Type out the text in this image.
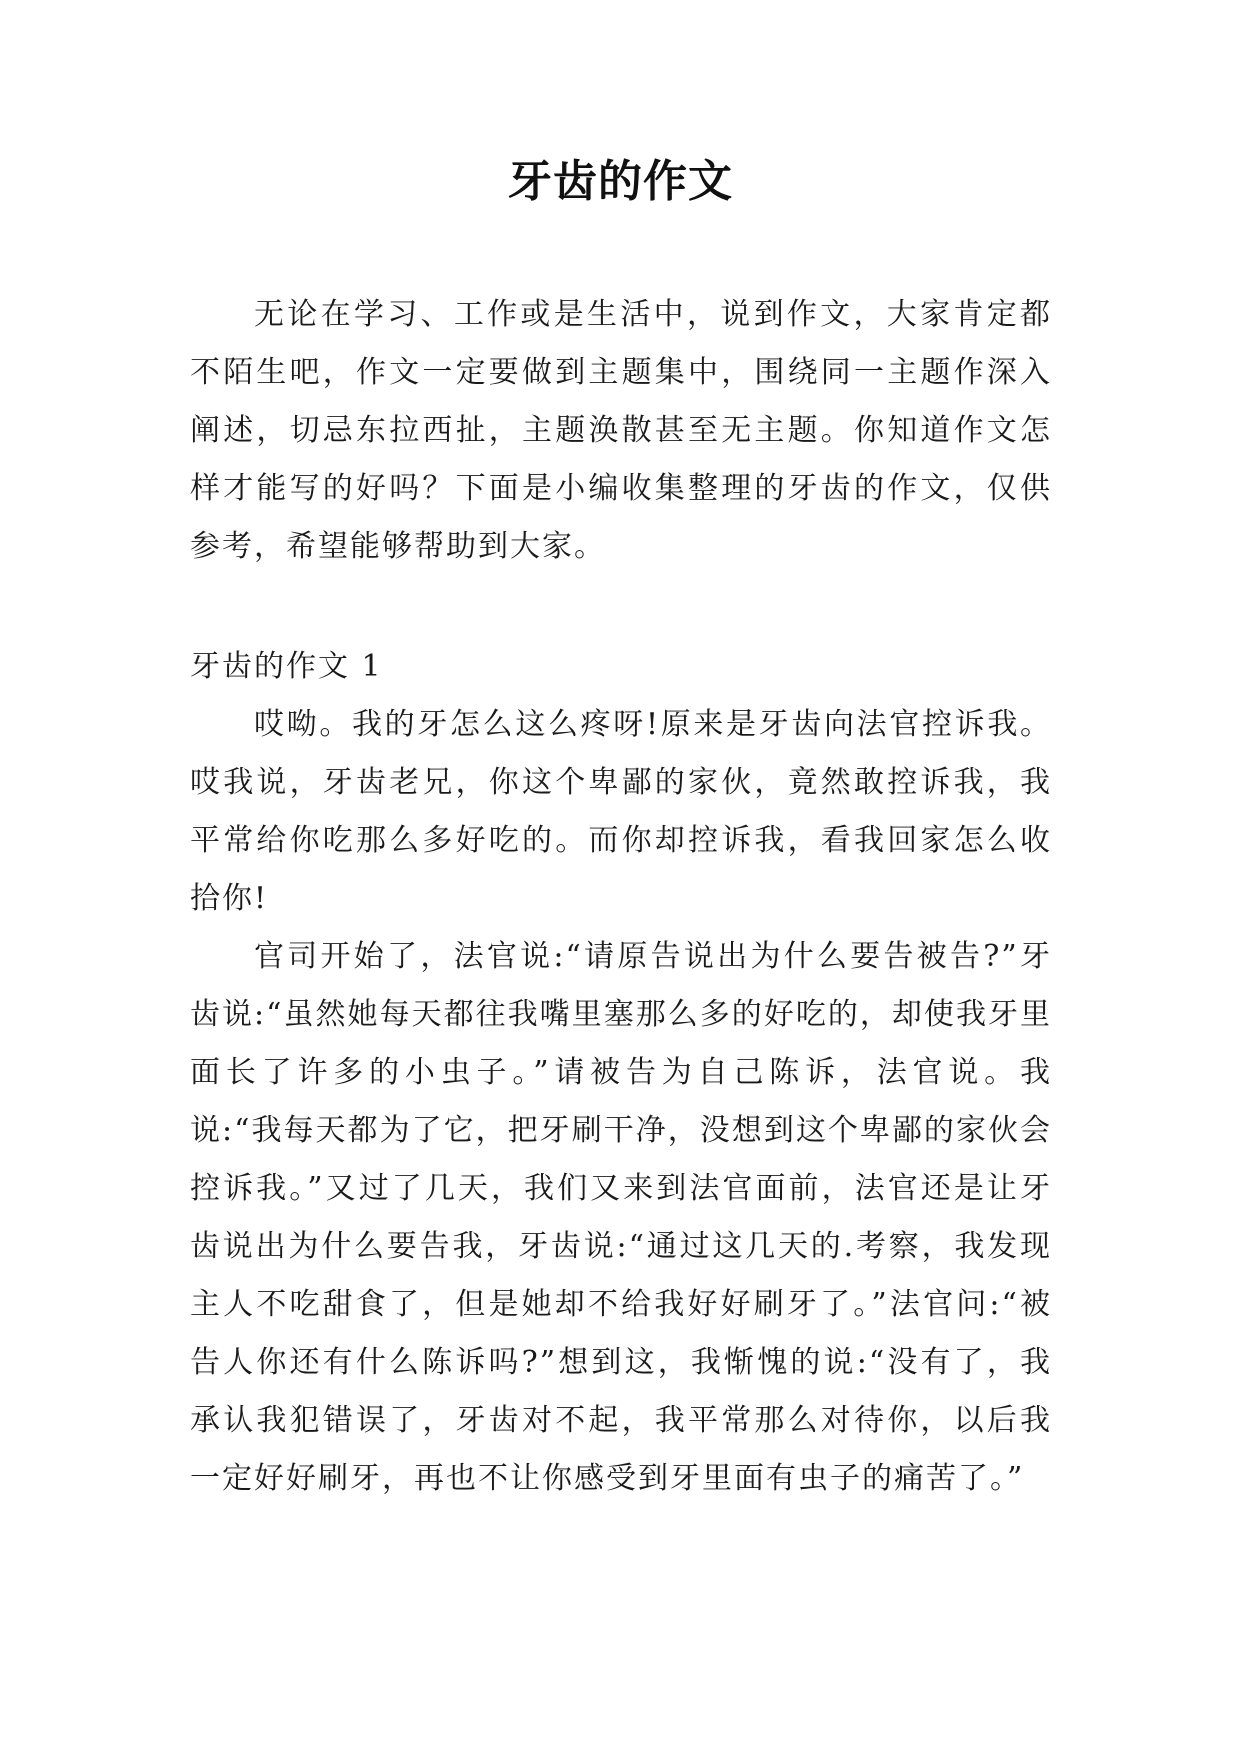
牙齿的作文

无论在学习、工作或是生活中，说到作文，大家肯定都不陌生吧，作文一定要做到主题集中，围绕同一主题作深入阐述，切忌东拉西扯，主题涣散甚至无主题。你知道作文怎样才能写的好吗？下面是小编收集整理的牙齿的作文，仅供参考，希望能够帮助到大家。

牙齿的作文 1

哎呦。我的牙怎么这么疼呀!原来是牙齿向法官控诉我。哎我说，牙齿老兄，你这个卑鄙的家伙，竟然敢控诉我，我平常给你吃那么多好吃的。而你却控诉我，看我回家怎么收拾你!

官司开始了，法官说:“请原告说出为什么要告被告?”牙齿说:“虽然她每天都往我嘴里塞那么多的好吃的，却使我牙里面长了许多的小虫子。”请被告为自己陈诉，法官说。我说:“我每天都为了它，把牙刷干净，没想到这个卑鄙的家伙会控诉我。”又过了几天，我们又来到法官面前，法官还是让牙齿说出为什么要告我，牙齿说:“通过这几天的.考察，我发现主人不吃甜食了，但是她却不给我好好刷牙了。”法官问:“被告人你还有什么陈诉吗?”想到这，我惭愧的说:“没有了，我承认我犯错误了，牙齿对不起，我平常那么对待你，以后我一定好好刷牙，再也不让你感受到牙里面有虫子的痛苦了。”
